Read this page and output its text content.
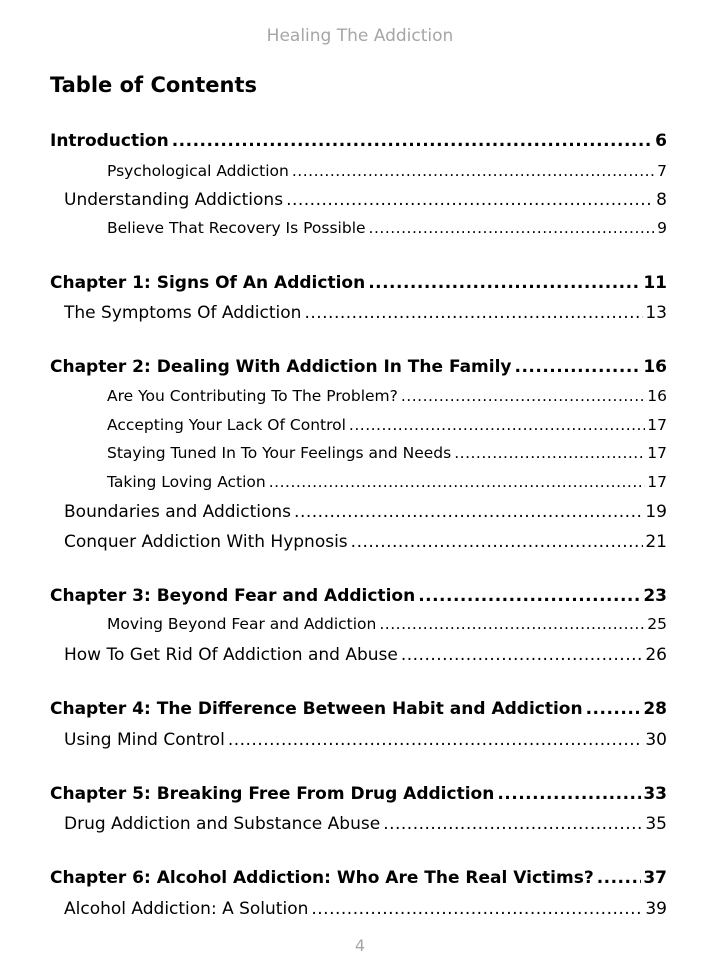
Healing The Addiction
Table of Contents
Introduction .....	6
Psychological Addiction .....	7
Understanding Addictions .....	8
Believe That Recovery Is Possible .....	9
Chapter 1: Signs Of An Addiction .....	11
The Symptoms Of Addiction .....	13
Chapter 2: Dealing With Addiction In The Family .....	16
Are You Contributing To The Problem? .....	16
Accepting Your Lack Of Control .....	17
Staying Tuned In To Your Feelings and Needs .....	17
Taking Loving Action .....	17
Boundaries and Addictions .....	19
Conquer Addiction With Hypnosis .....	21
Chapter 3: Beyond Fear and Addiction .....	23
Moving Beyond Fear and Addiction .....	25
How To Get Rid Of Addiction and Abuse .....	26
Chapter 4: The Difference Between Habit and Addiction .....	28
Using Mind Control .....	30
Chapter 5: Breaking Free From Drug Addiction .....	33
Drug Addiction and Substance Abuse .....	35
Chapter 6: Alcohol Addiction: Who Are The Real Victims? .....	37
Alcohol Addiction: A Solution .....	39
4
